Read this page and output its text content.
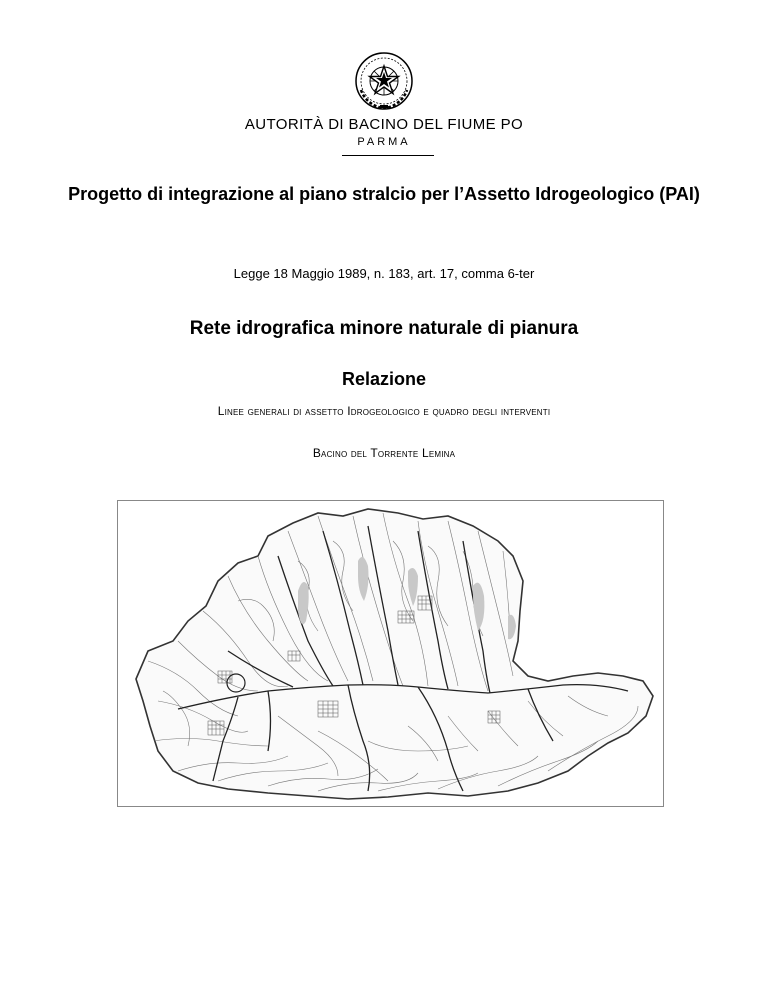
AUTORITÀ DI BACINO DEL FIUME PO
PARMA
Progetto di integrazione al piano stralcio per l’Assetto Idrogeologico (PAI)
Legge 18 Maggio 1989, n. 183, art. 17, comma 6-ter
Rete idrografica minore naturale di pianura
Relazione
Linee generali di assetto Idrogeologico e quadro degli interventi
Bacino del Torrente Lemina
